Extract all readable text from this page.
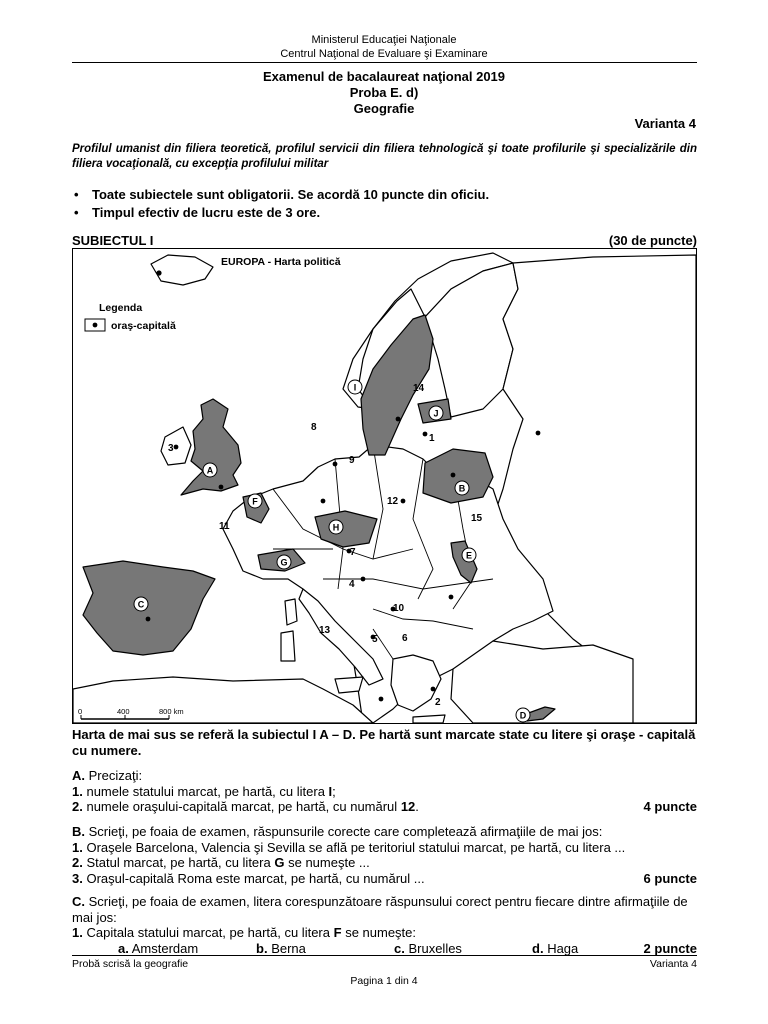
Ministerul Educaţiei Naţionale
Centrul Naţional de Evaluare şi Examinare
Examenul de bacalaureat naţional 2019
Proba E. d)
Geografie
Varianta 4
Profilul umanist din filiera teoretică, profilul servicii din filiera tehnologică şi toate profilurile şi specializările din filiera vocaţională, cu excepţia profilului militar
• Toate subiectele sunt obligatorii. Se acordă 10 puncte din oficiu.
• Timpul efectiv de lucru este de 3 ore.
SUBIECTUL I	(30 de puncte)
EUROPA - Harta politică
Legenda
oraş-capitală
A
B
C
D
E
F
G
H
I
J
1
2
3
4
5 6
7
8
9
10
11
12
13
14
15
0	400	800 km
Harta de mai sus se referă la subiectul I A – D. Pe hartă sunt marcate state cu litere şi oraşe - capitală cu numere.
A. Precizaţi:
1. numele statului marcat, pe hartă, cu litera I;
2. numele oraşului-capitală marcat, pe hartă, cu numărul 12.	4 puncte
B. Scrieţi, pe foaia de examen, răspunsurile corecte care completează afirmaţiile de mai jos:
1. Oraşele Barcelona, Valencia şi Sevilla se află pe teritoriul statului marcat, pe hartă, cu litera ...
2. Statul marcat, pe hartă, cu litera G se numeşte ...
3. Oraşul-capitală Roma este marcat, pe hartă, cu numărul ...	6 puncte
C. Scrieţi, pe foaia de examen, litera corespunzătoare răspunsului corect pentru fiecare dintre afirmaţiile de mai jos:
1. Capitala statului marcat, pe hartă, cu litera F se numeşte:
a. Amsterdam	b. Berna	c. Bruxelles	d. Haga	2 puncte
Probă scrisă la geografie	Varianta 4
Pagina 1 din 4
